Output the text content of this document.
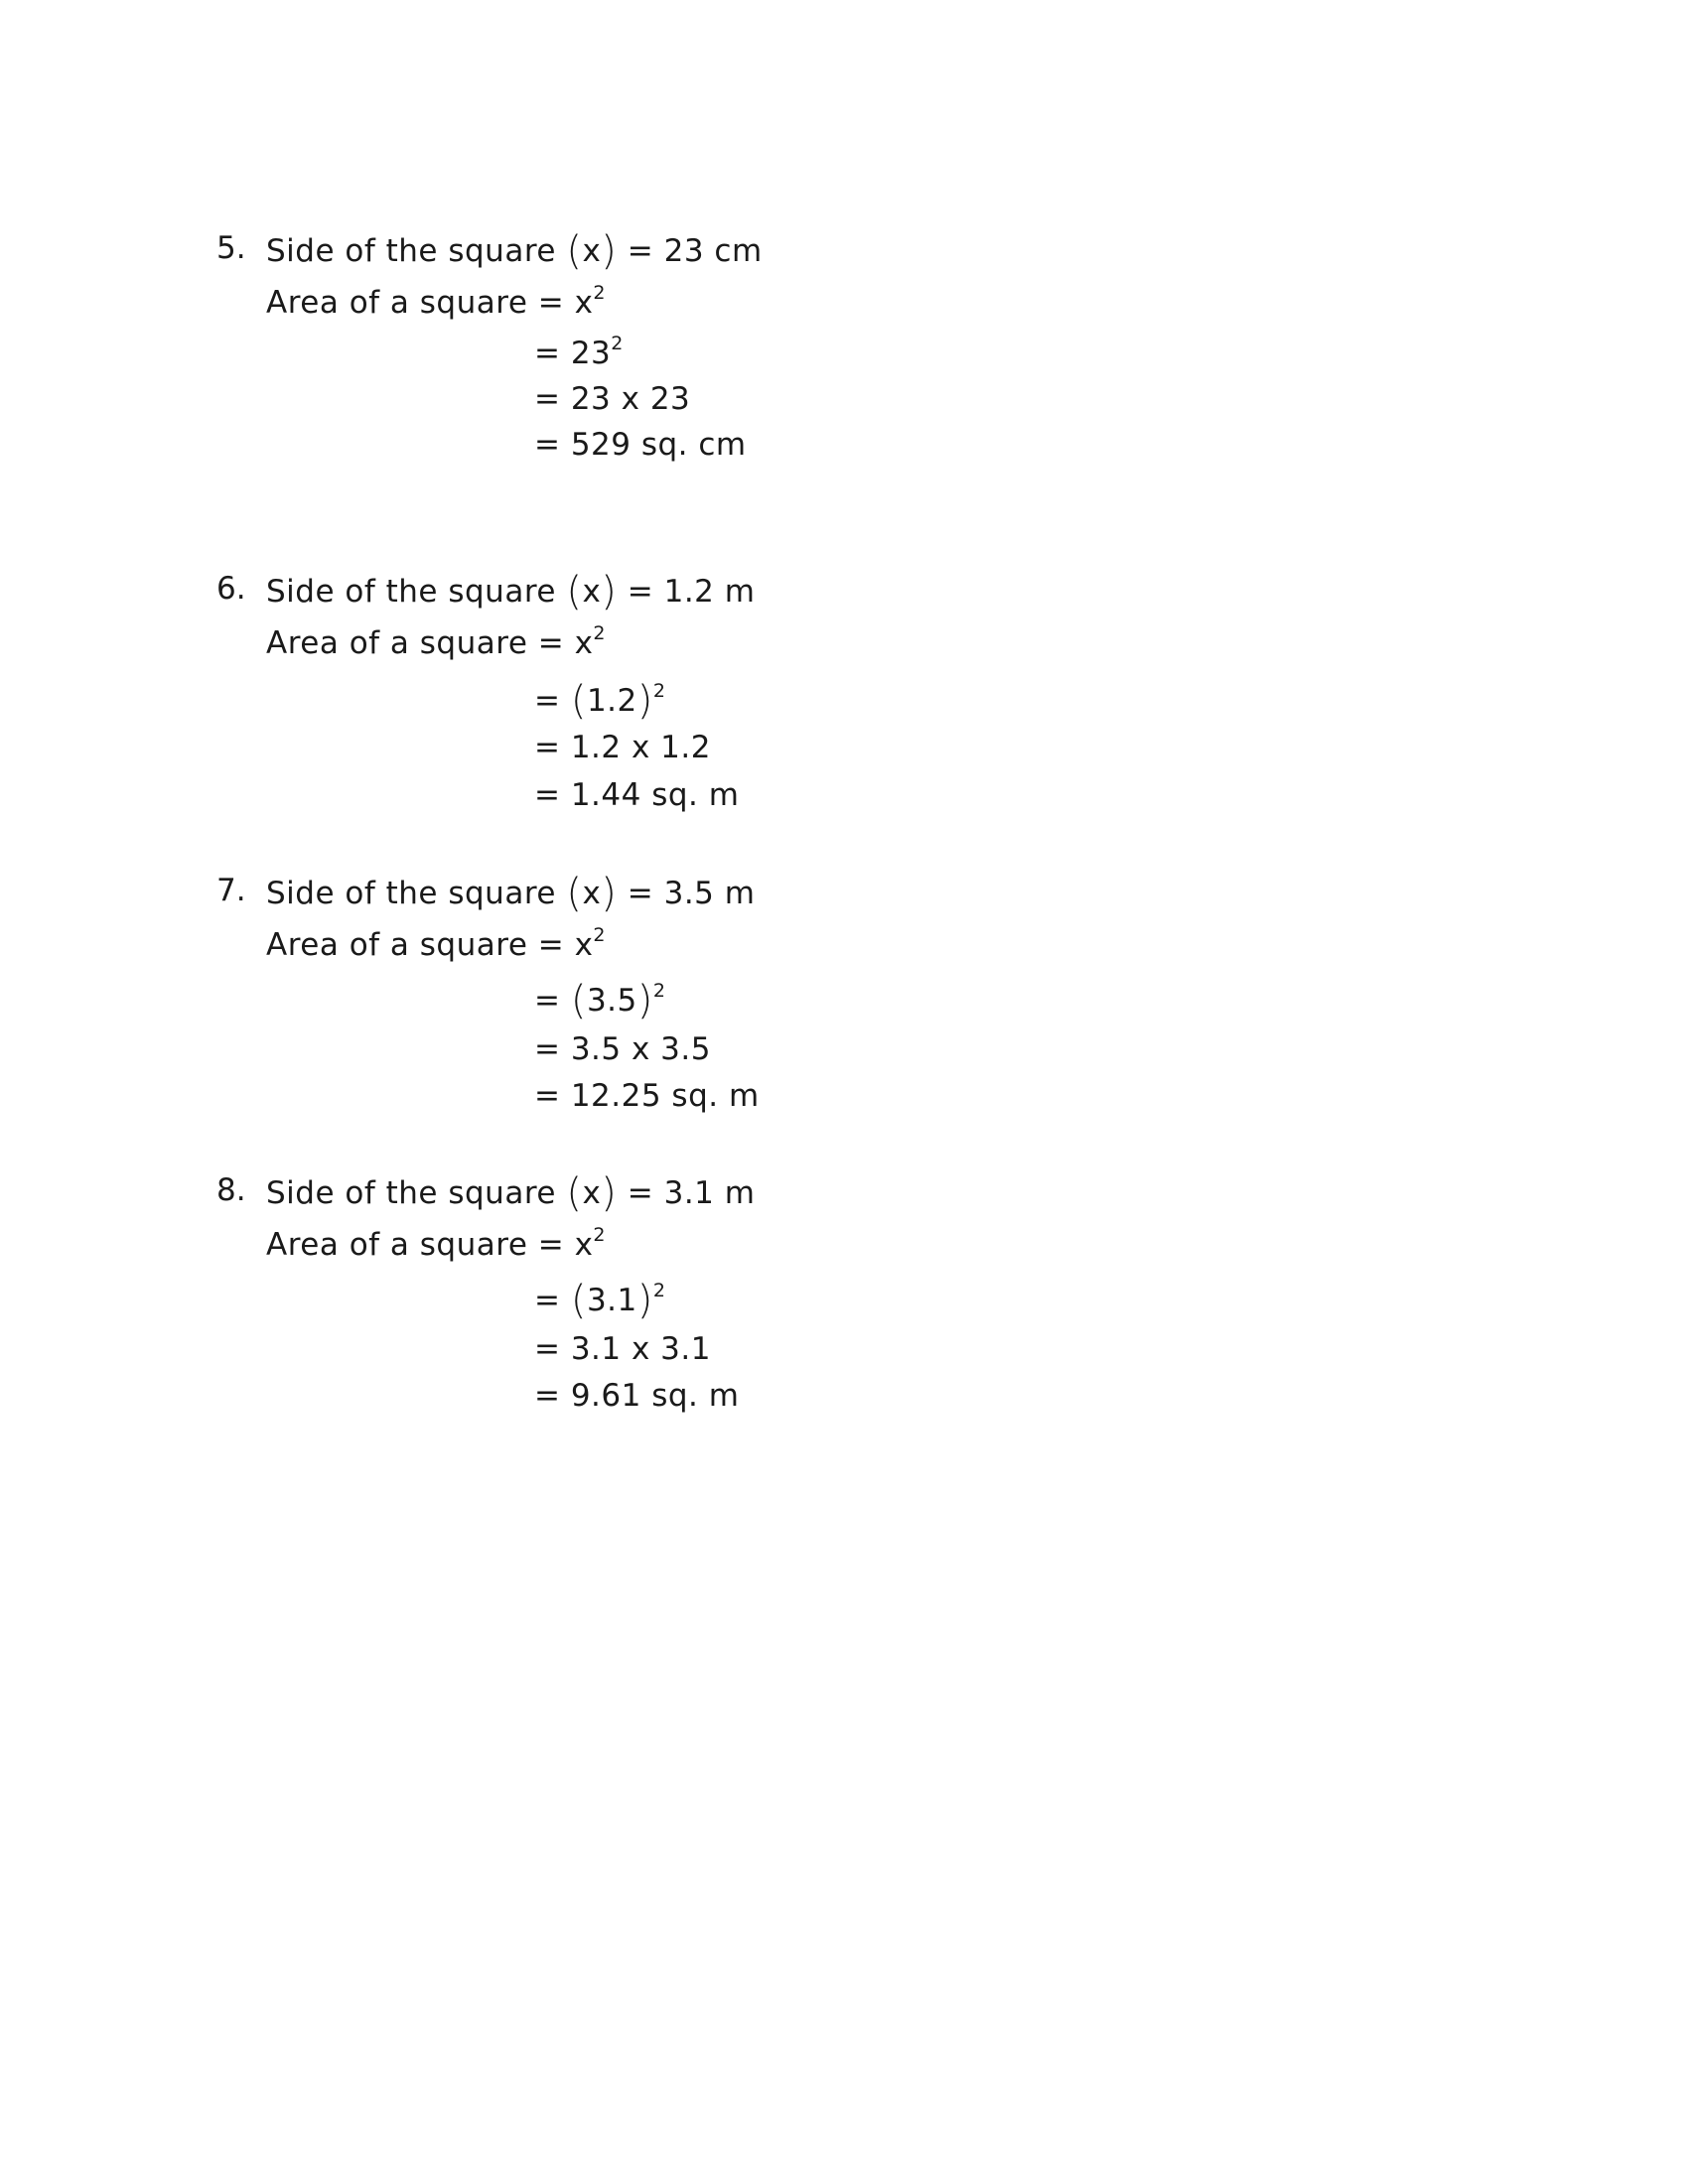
5. Side of the square (x) = 23 cm
Area of a square = $x^2$
= $23^2$
= 23 x 23
= 529 sq. cm
6. Side of the square (x) = 1.2 m
Area of a square = $x^2$
= $(1.2)^2$
= 1.2 x 1.2
= 1.44 sq. m
7. Side of the square (x) = 3.5 m
Area of a square = $x^2$
= $(3.5)^2$
= 3.5 x 3.5
= 12.25 sq. m
8. Side of the square (x) = 3.1 m
Area of a square = $x^2$
= $(3.1)^2$
= 3.1 x 3.1
= 9.61 sq. m
